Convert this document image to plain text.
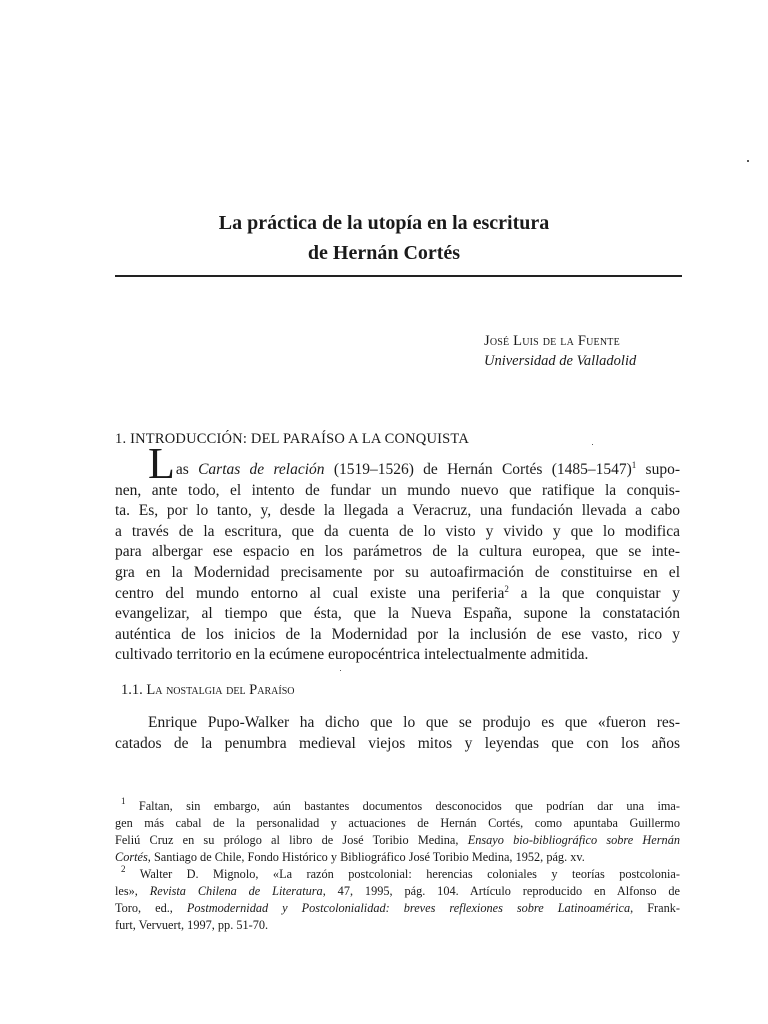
La práctica de la utopía en la escritura
de Hernán Cortés
José Luis de la Fuente
Universidad de Valladolid
1. INTRODUCCIÓN: DEL PARAÍSO A LA CONQUISTA
Las Cartas de relación (1519–1526) de Hernán Cortés (1485–1547)$^1$ supo-
nen, ante todo, el intento de fundar un mundo nuevo que ratifique la conquis-
ta. Es, por lo tanto, y, desde la llegada a Veracruz, una fundación llevada a cabo
a través de la escritura, que da cuenta de lo visto y vivido y que lo modifica
para albergar ese espacio en los parámetros de la cultura europea, que se inte-
gra en la Modernidad precisamente por su autoafirmación de constituirse en el
centro del mundo entorno al cual existe una periferia$^2$ a la que conquistar y
evangelizar, al tiempo que ésta, que la Nueva España, supone la constatación
auténtica de los inicios de la Modernidad por la inclusión de ese vasto, rico y
cultivado territorio en la ecúmene europocéntrica intelectualmente admitida.
1.1. La nostalgia del Paraíso
Enrique Pupo-Walker ha dicho que lo que se produjo es que «fueron res-
catados de la penumbra medieval viejos mitos y leyendas que con los años
$^1$ Faltan, sin embargo, aún bastantes documentos desconocidos que podrían dar una ima-
gen más cabal de la personalidad y actuaciones de Hernán Cortés, como apuntaba Guillermo
Feliú Cruz en su prólogo al libro de José Toribio Medina, Ensayo bio-bibliográfico sobre Hernán
Cortés, Santiago de Chile, Fondo Histórico y Bibliográfico José Toribio Medina, 1952, pág. xv.
$^2$ Walter D. Mignolo, «La razón postcolonial: herencias coloniales y teorías postcolonia-
les», Revista Chilena de Literatura, 47, 1995, pág. 104. Artículo reproducido en Alfonso de
Toro, ed., Postmodernidad y Postcolonialidad: breves reflexiones sobre Latinoamérica, Frank-
furt, Vervuert, 1997, pp. 51-70.
